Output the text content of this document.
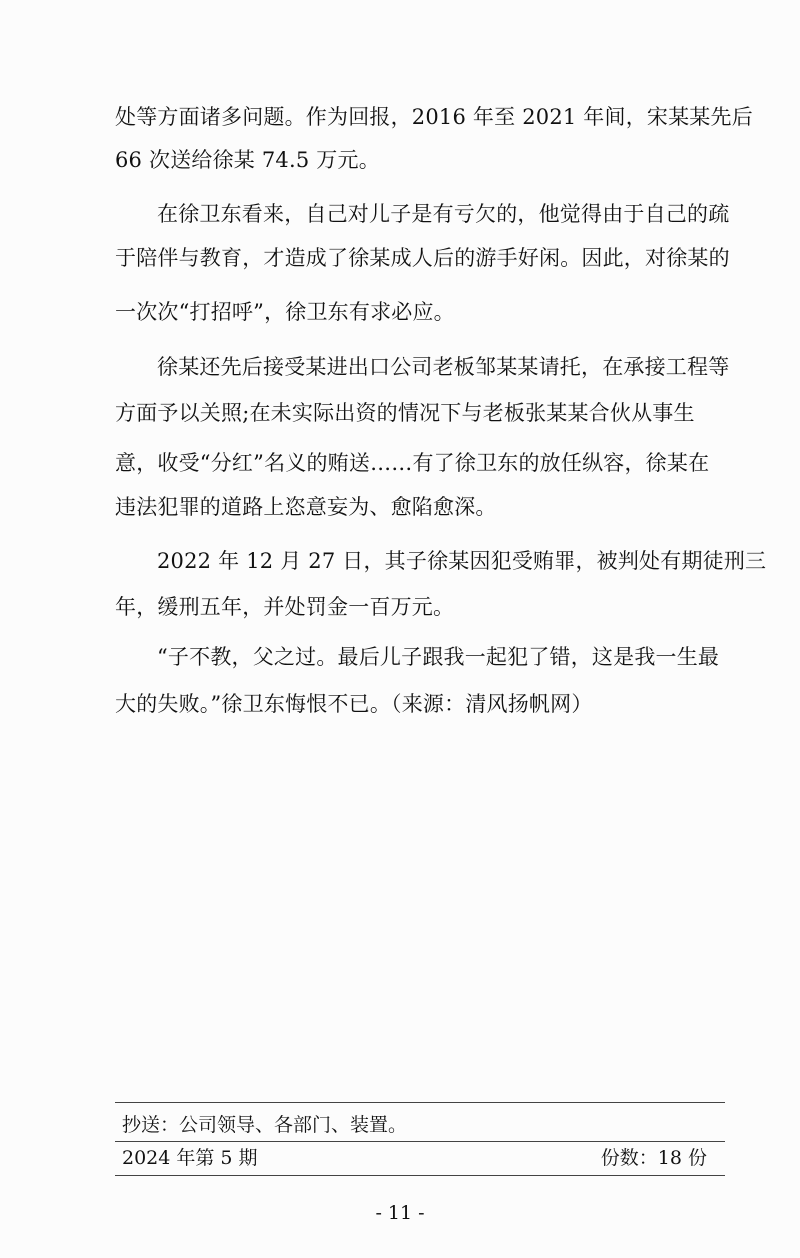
处等方面诸多问题。作为回报，2016 年至 2021 年间，宋某某先后
66 次送给徐某 74.5 万元。
在徐卫东看来，自己对儿子是有亏欠的，他觉得由于自己的疏
于陪伴与教育，才造成了徐某成人后的游手好闲。因此，对徐某的
一次次“打招呼”，徐卫东有求必应。
徐某还先后接受某进出口公司老板邹某某请托，在承接工程等
方面予以关照;在未实际出资的情况下与老板张某某合伙从事生
意，收受“分红”名义的贿送……有了徐卫东的放任纵容，徐某在
违法犯罪的道路上恣意妄为、愈陷愈深。
2022 年 12 月 27 日，其子徐某因犯受贿罪，被判处有期徒刑三
年，缓刑五年，并处罚金一百万元。
“子不教，父之过。最后儿子跟我一起犯了错，这是我一生最
大的失败。”徐卫东悔恨不已。（来源：清风扬帆网）
抄送：公司领导、各部门、装置。
2024 年第 5 期	份数：18 份
- 11 -
